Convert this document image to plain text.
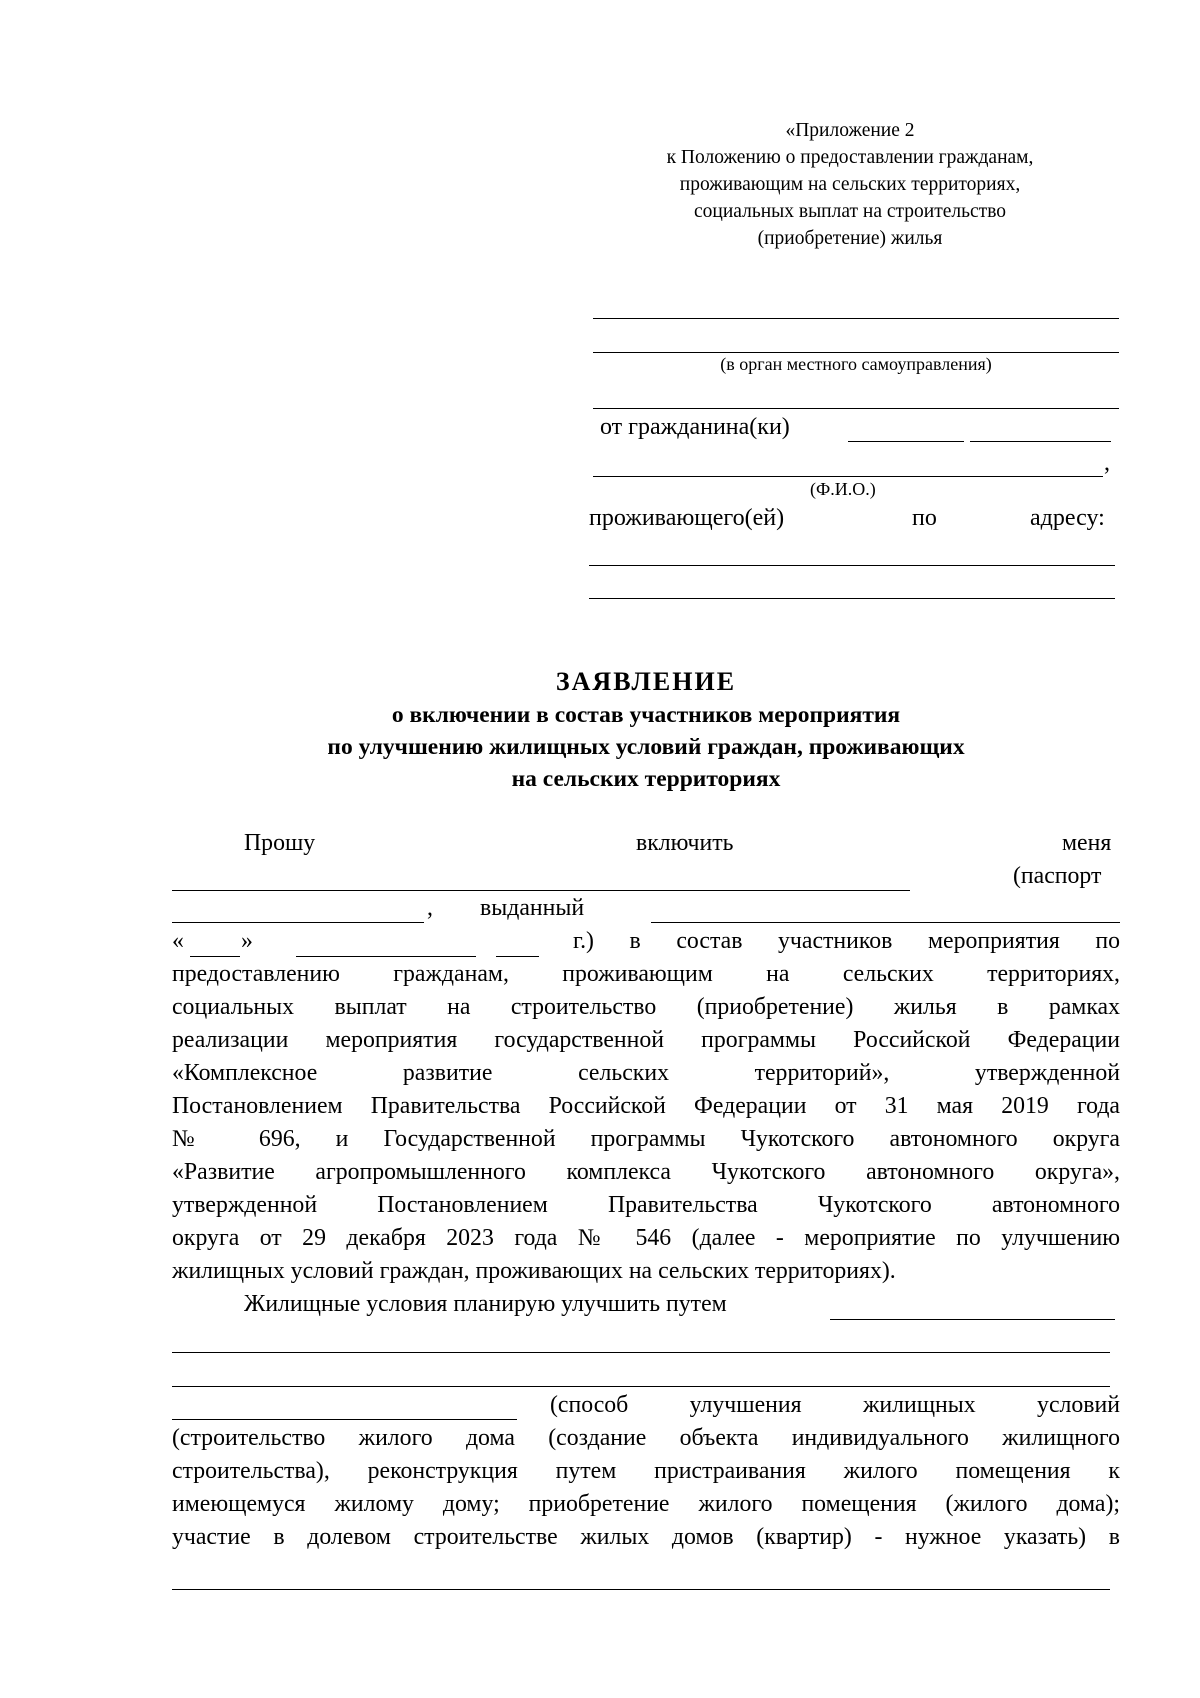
«Приложение 2
к Положению о предоставлении гражданам,
проживающим на сельских территориях,
социальных выплат на строительство
(приобретение) жилья
(в орган местного самоуправления)
от гражданина(ки)
,
(Ф.И.О.)
проживающего(ей)	по	адресу:
ЗАЯВЛЕНИЕ
о включении в состав участников мероприятия
по улучшению жилищных условий граждан, проживающих
на сельских территориях
Прошу	включить	меня
(паспорт
, выданный
« »	г.) в состав участников мероприятия по
предоставлению гражданам, проживающим на сельских территориях,
социальных выплат на строительство (приобретение) жилья в рамках
реализации мероприятия государственной программы Российской Федерации
«Комплексное развитие сельских территорий», утвержденной
Постановлением Правительства Российской Федерации от 31 мая 2019 года
№ 696, и Государственной программы Чукотского автономного округа
«Развитие агропромышленного комплекса Чукотского автономного округа»,
утвержденной Постановлением Правительства Чукотского автономного
округа от 29 декабря 2023 года № 546 (далее - мероприятие по улучшению
жилищных условий граждан, проживающих на сельских территориях).
Жилищные условия планирую улучшить путем
(способ улучшения жилищных условий
(строительство жилого дома (создание объекта индивидуального жилищного
строительства), реконструкция путем пристраивания жилого помещения к
имеющемуся жилому дому; приобретение жилого помещения (жилого дома);
участие в долевом строительстве жилых домов (квартир) - нужное указать) в
